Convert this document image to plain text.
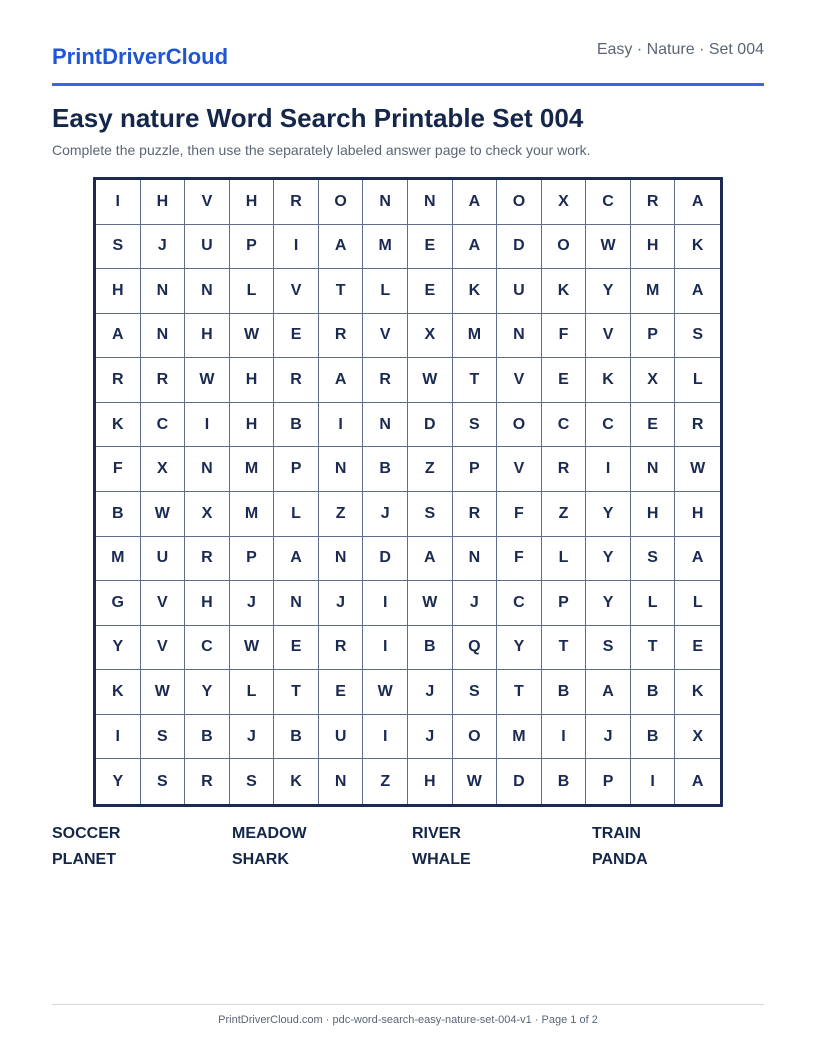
PrintDriverCloud	Easy · Nature · Set 004
Easy nature Word Search Printable Set 004

Complete the puzzle, then use the separately labeled answer page to check your work.

I	H	V	H	R	O	N	N	A	O	X	C	R	A
S	J	U	P	I	A	M	E	A	D	O	W	H	K
H	N	N	L	V	T	L	E	K	U	K	Y	M	A
A	N	H	W	E	R	V	X	M	N	F	V	P	S
R	R	W	H	R	A	R	W	T	V	E	K	X	L
K	C	I	H	B	I	N	D	S	O	C	C	E	R
F	X	N	M	P	N	B	Z	P	V	R	I	N	W
B	W	X	M	L	Z	J	S	R	F	Z	Y	H	H
M	U	R	P	A	N	D	A	N	F	L	Y	S	A
G	V	H	J	N	J	I	W	J	C	P	Y	L	L
Y	V	C	W	E	R	I	B	Q	Y	T	S	T	E
K	W	Y	L	T	E	W	J	S	T	B	A	B	K
I	S	B	J	B	U	I	J	O	M	I	J	B	X
Y	S	R	S	K	N	Z	H	W	D	B	P	I	A
SOCCER	MEADOW	RIVER	TRAIN
PLANET	SHARK	WHALE	PANDA
PrintDriverCloud.com · pdc-word-search-easy-nature-set-004-v1 · Page 1 of 2
